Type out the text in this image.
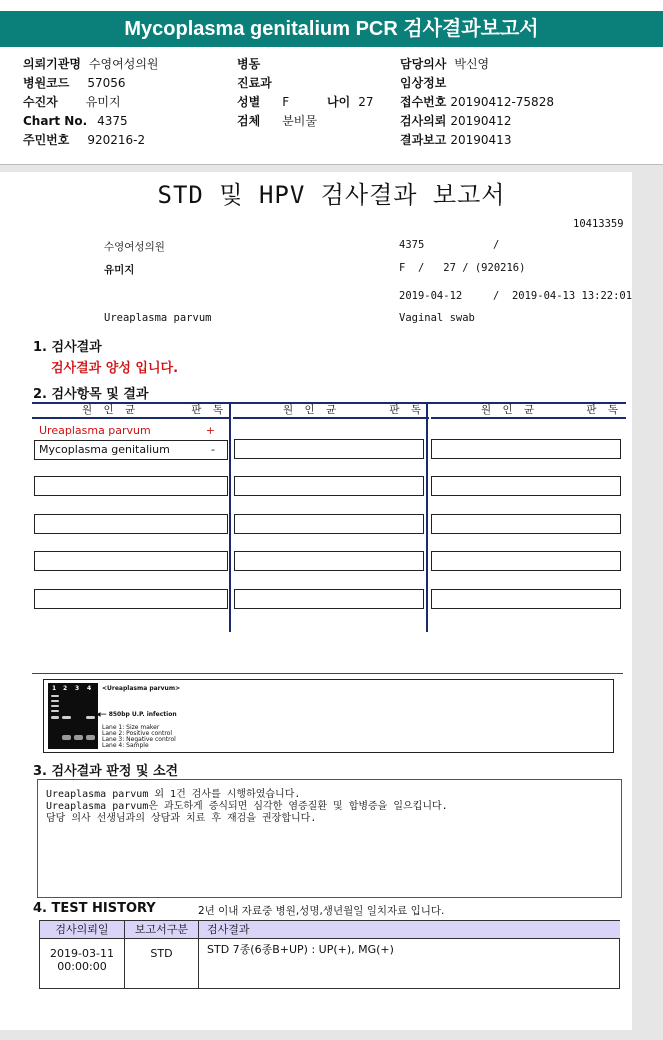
Mycoplasma genitalium PCR 검사결과보고서
의뢰기관명 수영여성의원	병동	담당의사 박신영
병원코드 57056	진료과	임상정보
수진자 유미지	성별 F	나이 27 접수번호 20190412-75828
Chart No. 4375	검체 분비물	검사의뢰 20190412
주민번호 920216-2	결과보고 20190413
STD 및 HPV 검사결과 보고서
10413359
수영여성의원	4375	/
유미지	F  /   27 / (920216)
2019-04-12	/  2019-04-13 13:22:01
Ureaplasma parvum	Vaginal swab
1. 검사결과
검사결과 양성 입니다.
2. 검사항목 및 결과
원 인 균	판 독	원 인 균	판 독	원 인 균	판 독
Ureaplasma parvum	+
Mycoplasma genitalium	-
1 2 3 4 <Ureaplasma parvum>
◀— 850bp U.P. infection
Lane 1: Size maker
Lane 2: Positive control
Lane 3: Negative control
Lane 4: Sample
3. 검사결과 판정 및 소견
Ureaplasma parvum 외 1건 검사를 시행하였습니다.
Ureaplasma parvum은 과도하게 증식되면 심각한 염증질환 및 합병증을 일으킵니다.
담당 의사 선생님과의 상담과 치료 후 재검을 권장합니다.
4. TEST HISTORY	2년 이내 자료중 병원,성명,생년월일 일치자료 입니다.
검사의뢰일	보고서구분	검사결과
2019-03-11
00:00:00
STD	STD 7종(6종B+UP) : UP(+), MG(+)
